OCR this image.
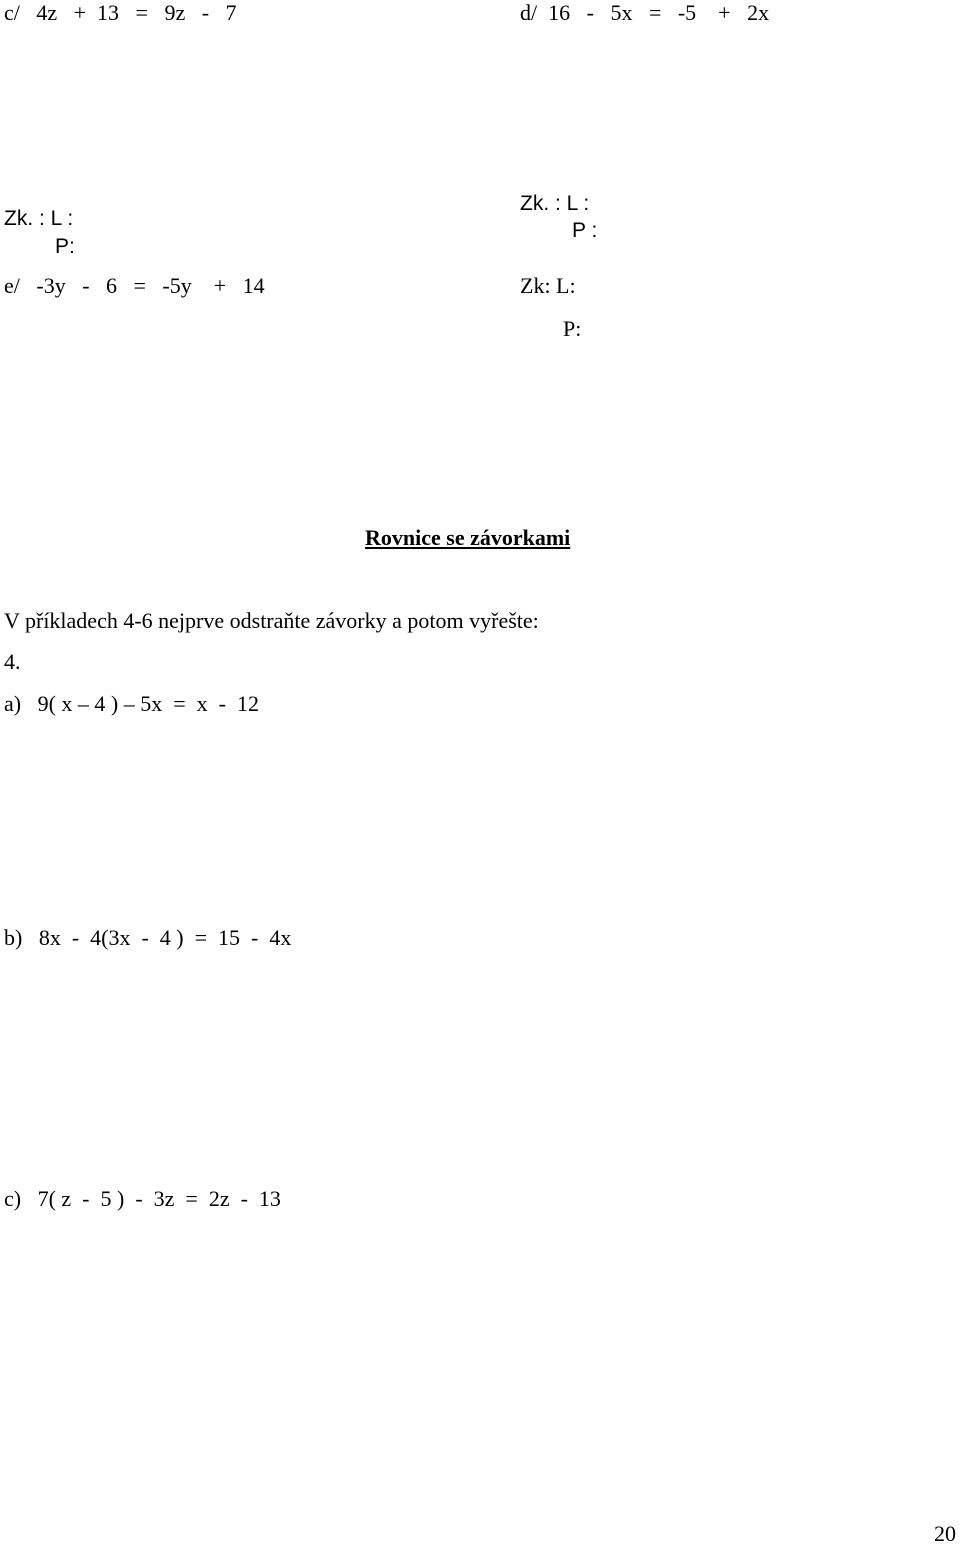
c/   4z   +  13   =   9z   -   7	d/  16   -   5x   =   -5    +   2x
Zk. : L :
Zk. : L :
P :
P:
e/   -3y   -   6   =   -5y    +   14	Zk: L:
P:
Rovnice se závorkami
V příkladech 4-6 nejprve odstraňte závorky a potom vyřešte:
4.
a)   9( x – 4 ) – 5x  =  x  -  12
b)   8x  -  4(3x  -  4 )  =  15  -  4x
c)   7( z  -  5 )  -  3z  =  2z  -  13
20
